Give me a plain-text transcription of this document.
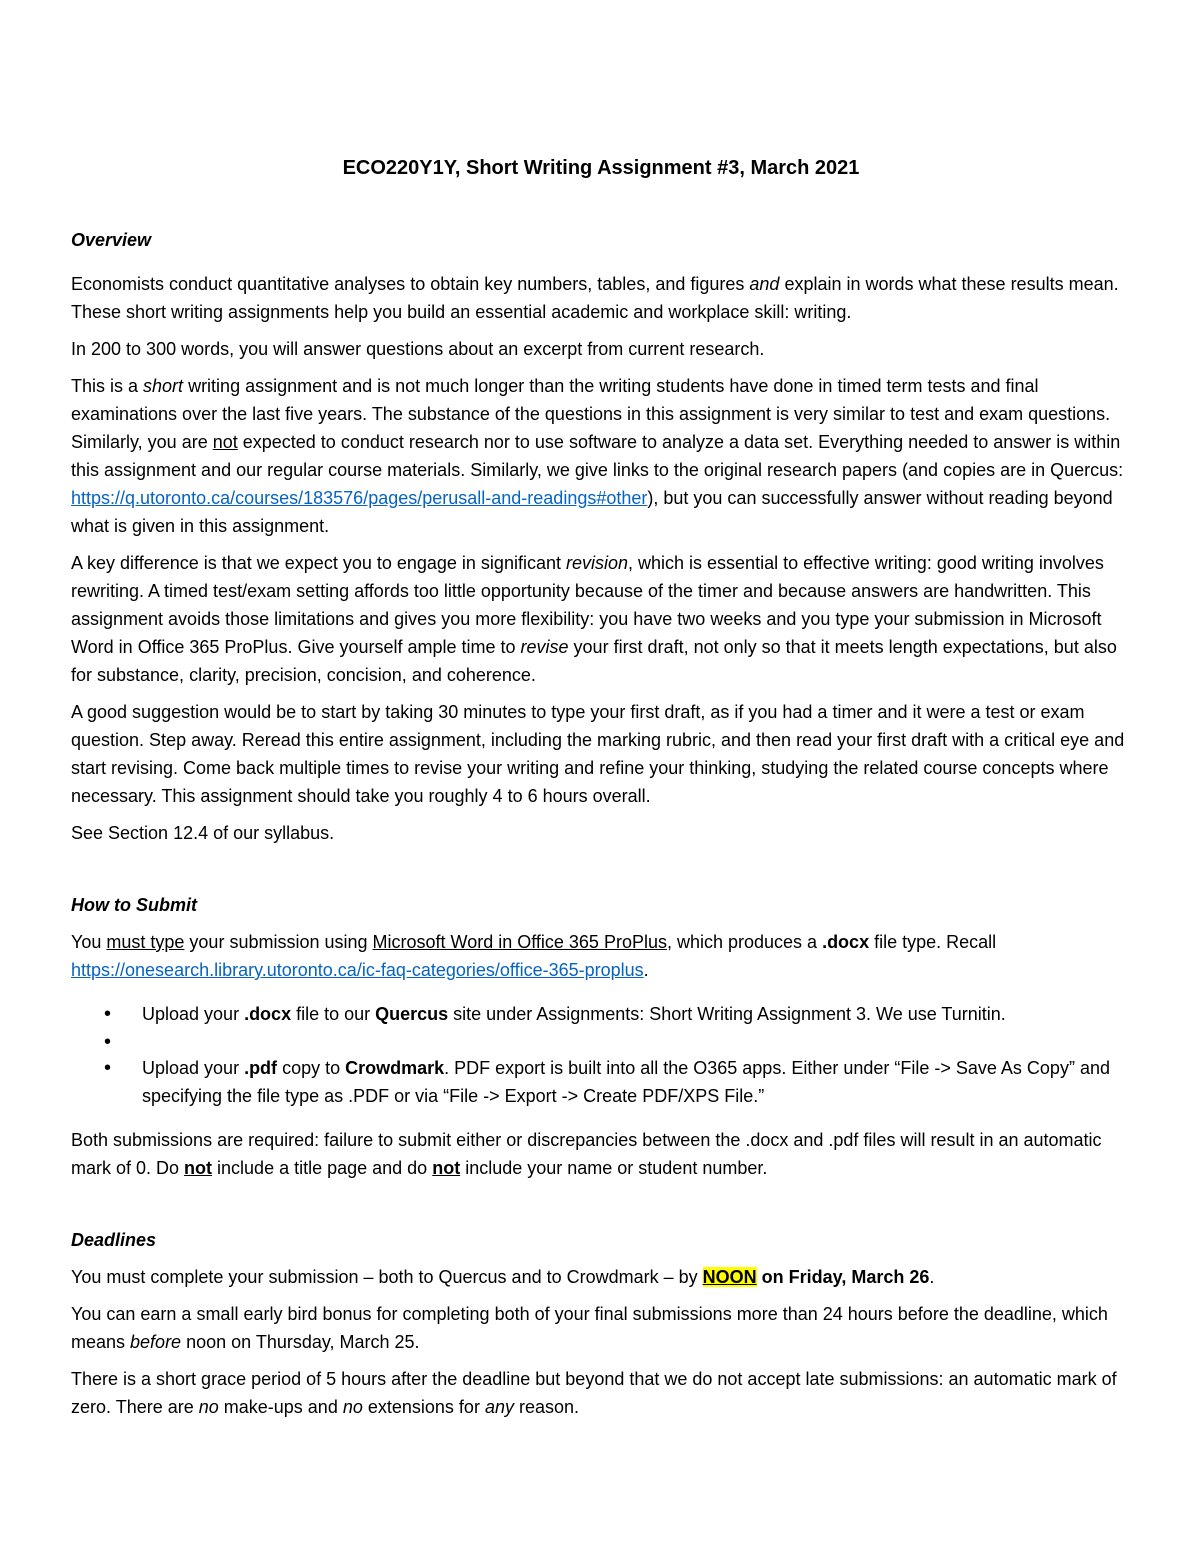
ECO220Y1Y, Short Writing Assignment #3, March 2021

Overview

Economists conduct quantitative analyses to obtain key numbers, tables, and figures and explain in words what these results mean. These short writing assignments help you build an essential academic and workplace skill: writing.

In 200 to 300 words, you will answer questions about an excerpt from current research.

This is a short writing assignment and is not much longer than the writing students have done in timed term tests and final examinations over the last five years. The substance of the questions in this assignment is very similar to test and exam questions. Similarly, you are not expected to conduct research nor to use software to analyze a data set. Everything needed to answer is within this assignment and our regular course materials. Similarly, we give links to the original research papers (and copies are in Quercus: https://q.utoronto.ca/courses/183576/pages/perusall-and-readings#other), but you can successfully answer without reading beyond what is given in this assignment.

A key difference is that we expect you to engage in significant revision, which is essential to effective writing: good writing involves rewriting. A timed test/exam setting affords too little opportunity because of the timer and because answers are handwritten. This assignment avoids those limitations and gives you more flexibility: you have two weeks and you type your submission in Microsoft Word in Office 365 ProPlus. Give yourself ample time to revise your first draft, not only so that it meets length expectations, but also for substance, clarity, precision, concision, and coherence.

A good suggestion would be to start by taking 30 minutes to type your first draft, as if you had a timer and it were a test or exam question. Step away. Reread this entire assignment, including the marking rubric, and then read your first draft with a critical eye and start revising. Come back multiple times to revise your writing and refine your thinking, studying the related course concepts where necessary. This assignment should take you roughly 4 to 6 hours overall.

See Section 12.4 of our syllabus.

How to Submit

You must type your submission using Microsoft Word in Office 365 ProPlus, which produces a .docx file type. Recall https://onesearch.library.utoronto.ca/ic-faq-categories/office-365-proplus.

• Upload your .docx file to our Quercus site under Assignments: Short Writing Assignment 3. We use Turnitin.
•
• Upload your .pdf copy to Crowdmark. PDF export is built into all the O365 apps. Either under “File -> Save As Copy” and specifying the file type as .PDF or via “File -> Export -> Create PDF/XPS File.”

Both submissions are required: failure to submit either or discrepancies between the .docx and .pdf files will result in an automatic mark of 0. Do not include a title page and do not include your name or student number.

Deadlines

You must complete your submission – both to Quercus and to Crowdmark – by NOON on Friday, March 26.

You can earn a small early bird bonus for completing both of your final submissions more than 24 hours before the deadline, which means before noon on Thursday, March 25.

There is a short grace period of 5 hours after the deadline but beyond that we do not accept late submissions: an automatic mark of zero. There are no make-ups and no extensions for any reason.
